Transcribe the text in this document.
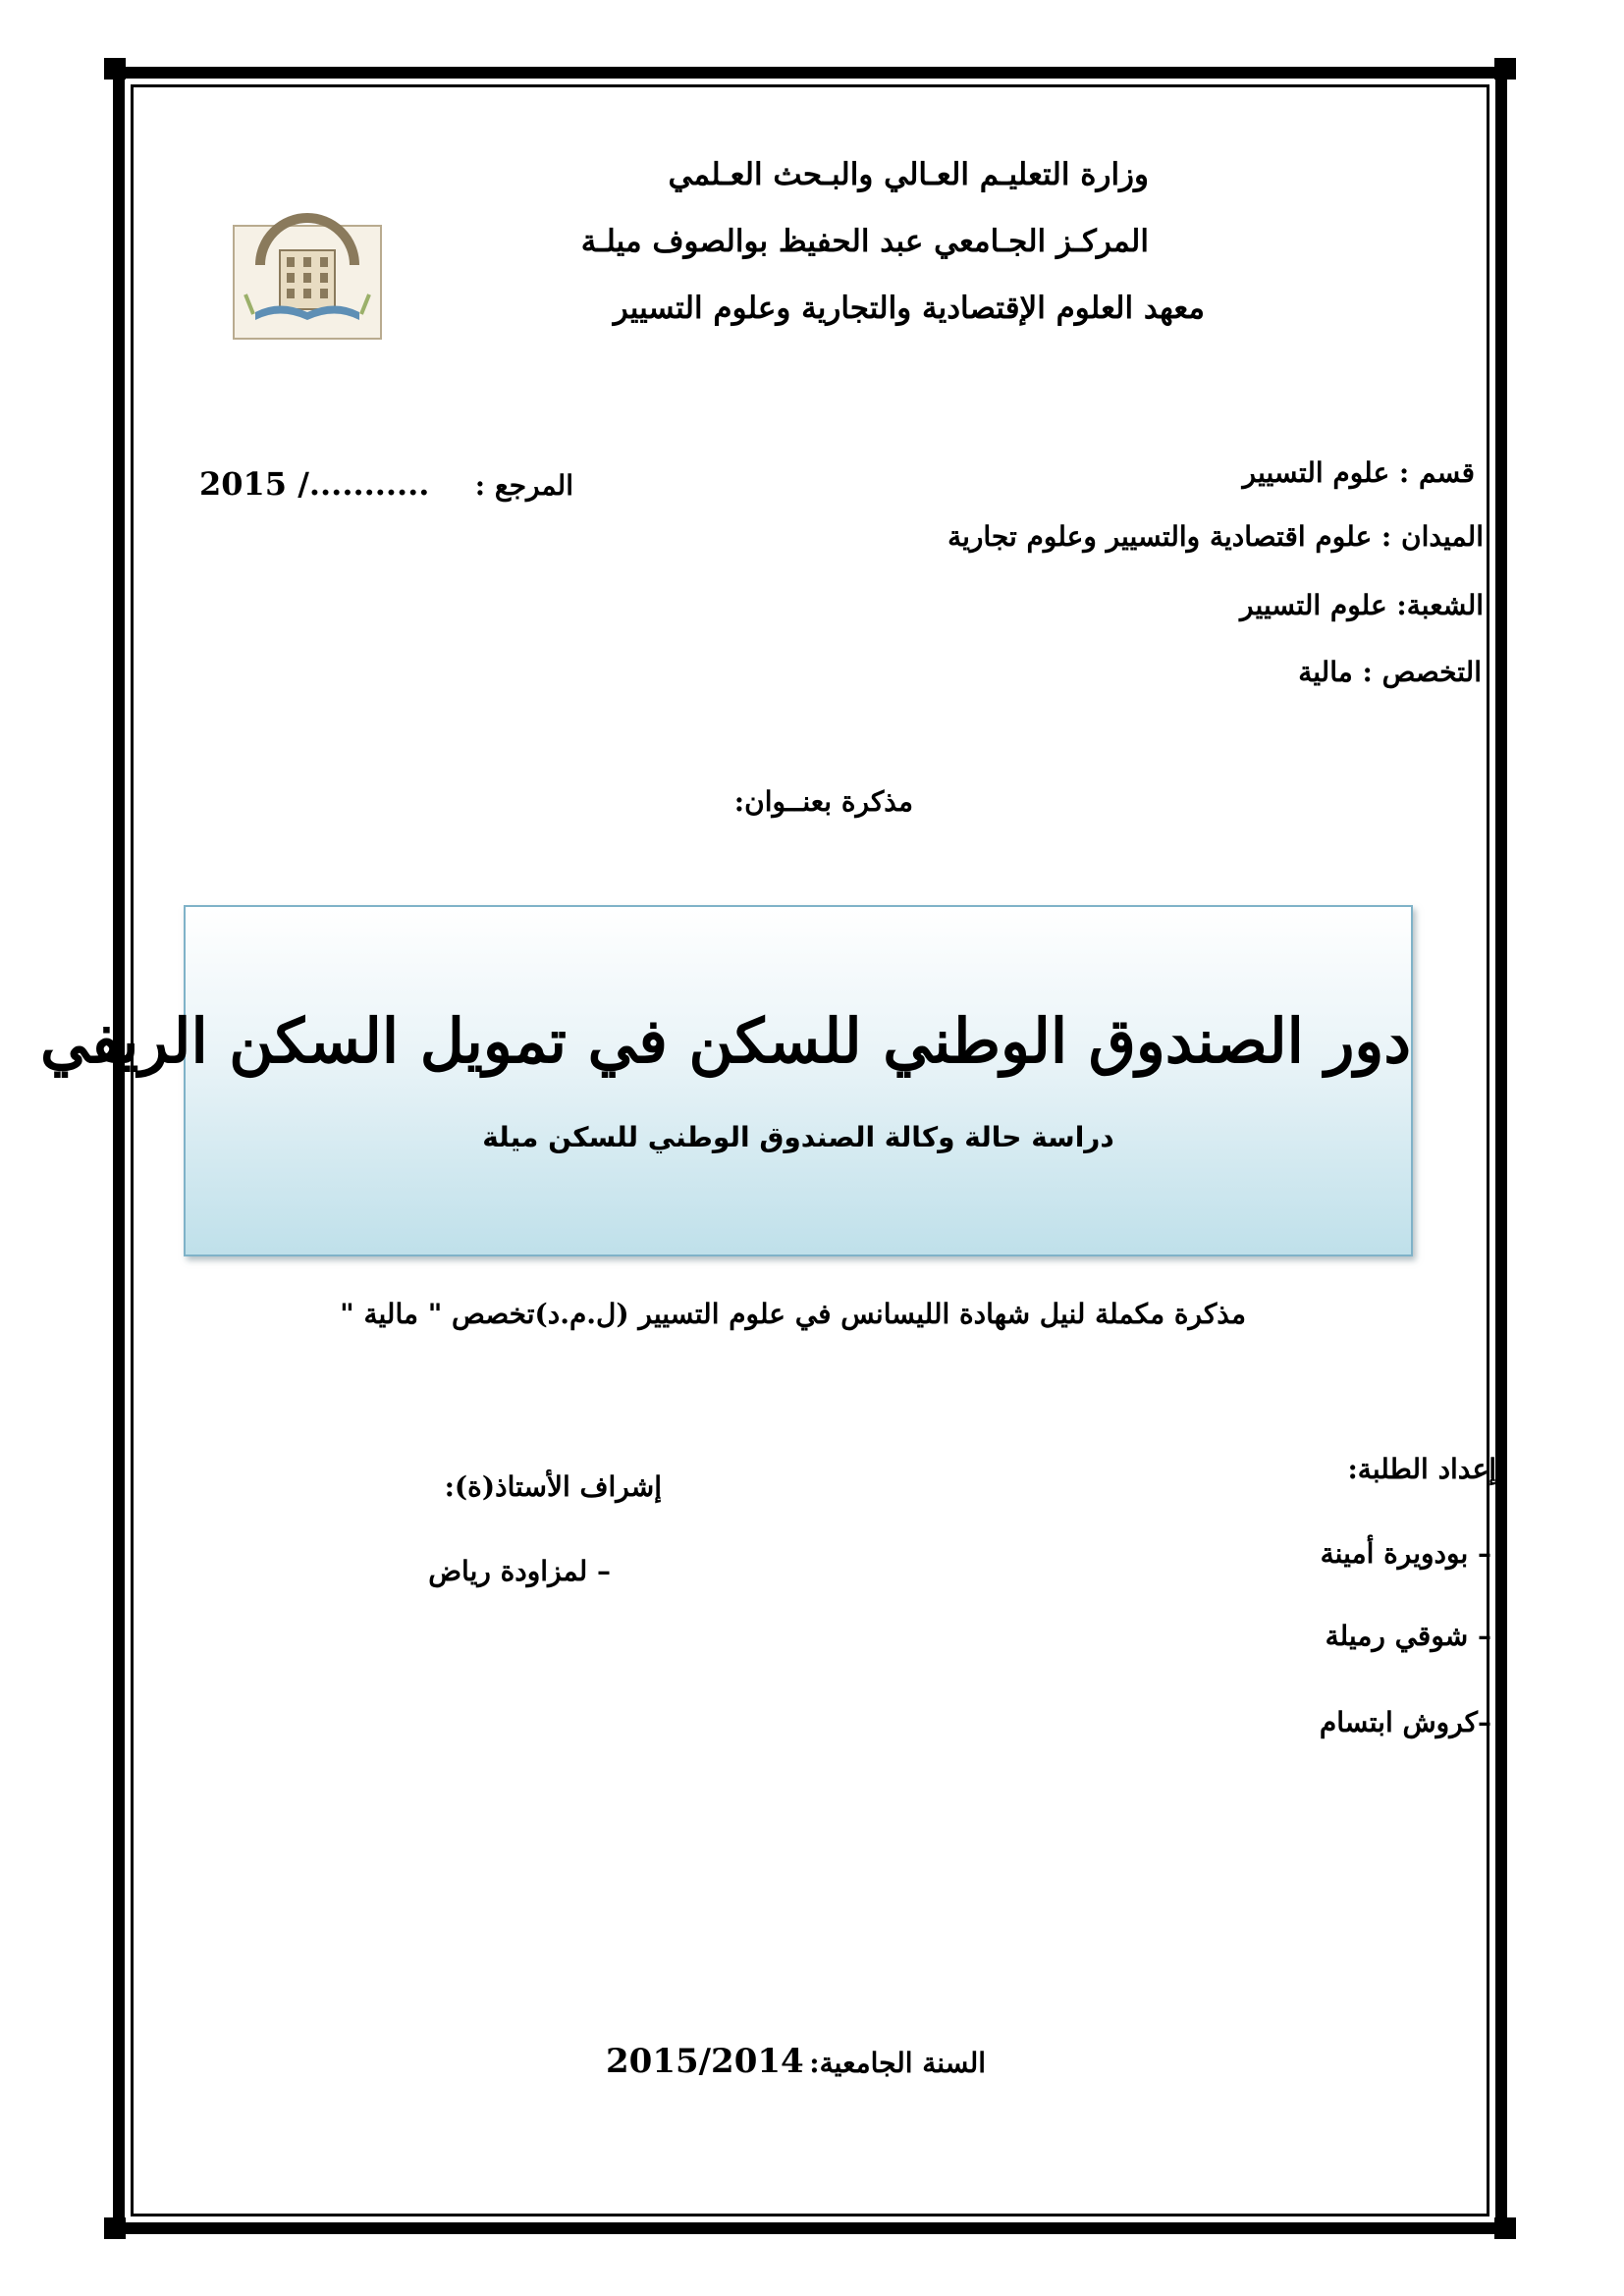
وزارة التعليـم العـالي والبـحث العـلمي
المركـز الجـامعي عبد الحفيظ بوالصوف ميلـة
معهد العلوم الإقتصادية والتجارية وعلوم التسيير
قسم : علوم التسيير
الميدان : علوم اقتصادية والتسيير وعلوم تجارية
الشعبة: علوم التسيير
التخصص : مالية
المرجع :
2015 /...........
مذكرة بعنــوان:
دور الصندوق الوطني للسكن في تمويل السكن الريفي
دراسة حالة وكالة الصندوق الوطني للسكن ميلة
مذكرة مكملة لنيل شهادة الليسانس في علوم التسيير (ل.م.د)تخصص " مالية "
إعداد الطلبة:
– بودويرة أمينة
– شوقي رميلة
–كروش ابتسام
إشراف الأستاذ(ة):
– لمزاودة رياض
السنة الجامعية:
2015/2014
